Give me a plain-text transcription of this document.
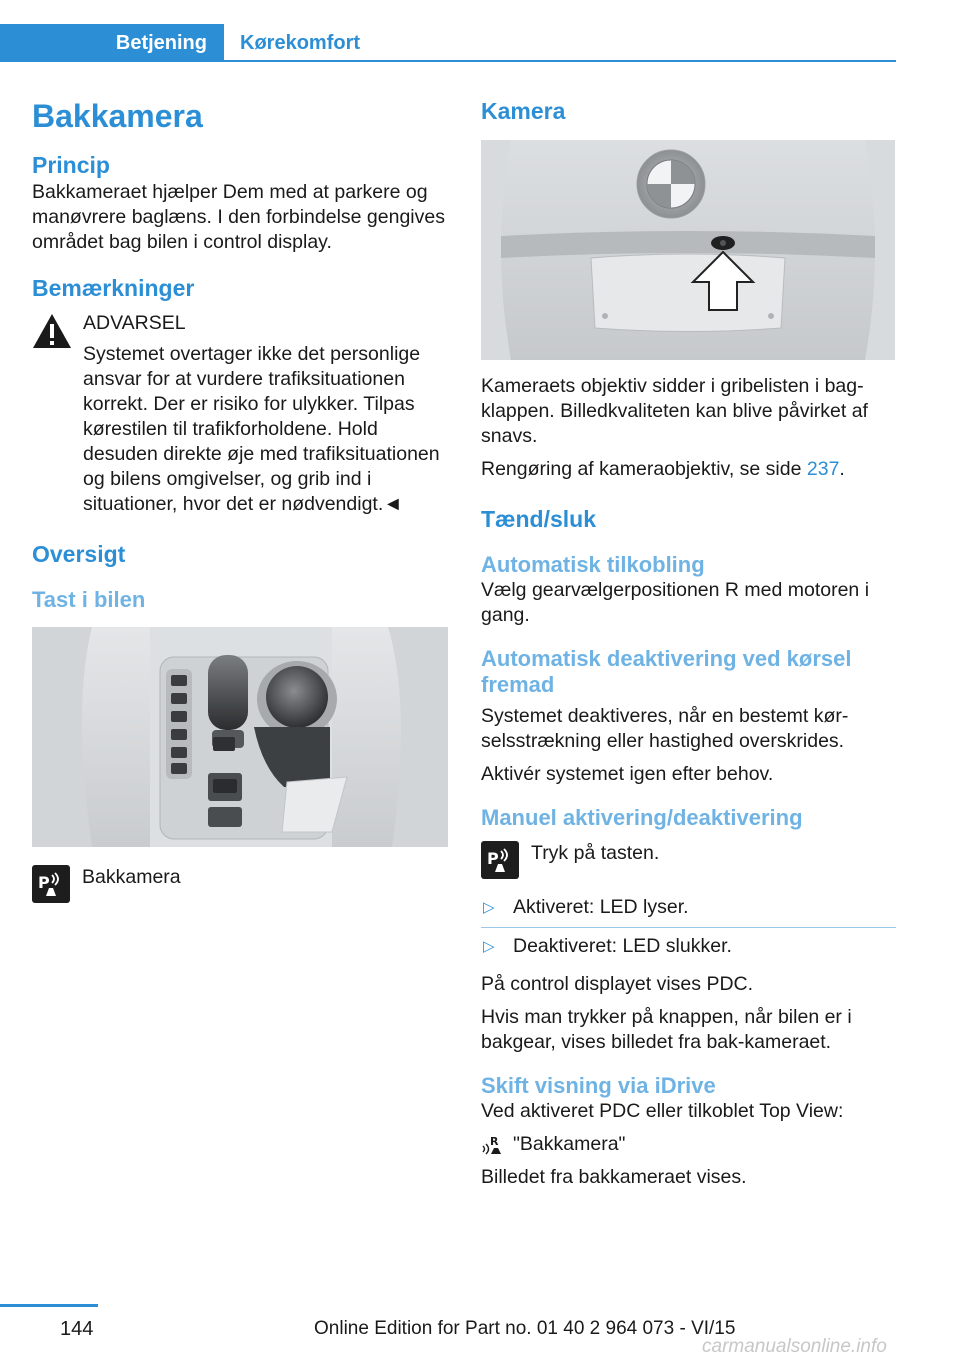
Betjening	Kørekomfort
Bakkamera
Princip

Bakkameraet hjælper Dem med at parkere og manøvrere baglæns. I den forbindelse gengives området bag bilen i control display.

Bemærkninger

ADVARSEL

Systemet overtager ikke det personlige ansvar for at vurdere trafiksituationen korrekt. Der er risiko for ulykker. Tilpas kørestilen til trafikforholdene. Hold desuden direkte øje med trafiksituationen og bilens omgivelser, og grib ind i situationer, hvor det er nødvendigt.◄

Oversigt
Tast i bilen
P Bakkamera

Kamera

Kameraets objektiv sidder i gribelisten i bagklappen. Billedkvaliteten kan blive påvirket af snavs.

Rengøring af kameraobjektiv, se side 237.

Tænd/sluk
Automatisk tilkobling

Vælg gearvælgerpositionen R med motoren i gang.

Automatisk deaktivering ved kørsel fremad

Systemet deaktiveres, når en bestemt kørselsstrækning eller hastighed overskrides.

Aktivér systemet igen efter behov.

Manuel aktivering/deaktivering
P Tryk på tasten.

▷ Aktiveret: LED lyser.
▷ Deaktiveret: LED slukker.

På control displayet vises PDC.

Hvis man trykker på knappen, når bilen er i bakgear, vises billedet fra bak-kameraet.

Skift visning via iDrive

Ved aktiveret PDC eller tilkoblet Top View:

R "Bakkamera"

Billedet fra bakkameraet vises.

144	Online Edition for Part no. 01 40 2 964 073 - VI/15
carmanualsonline.info
